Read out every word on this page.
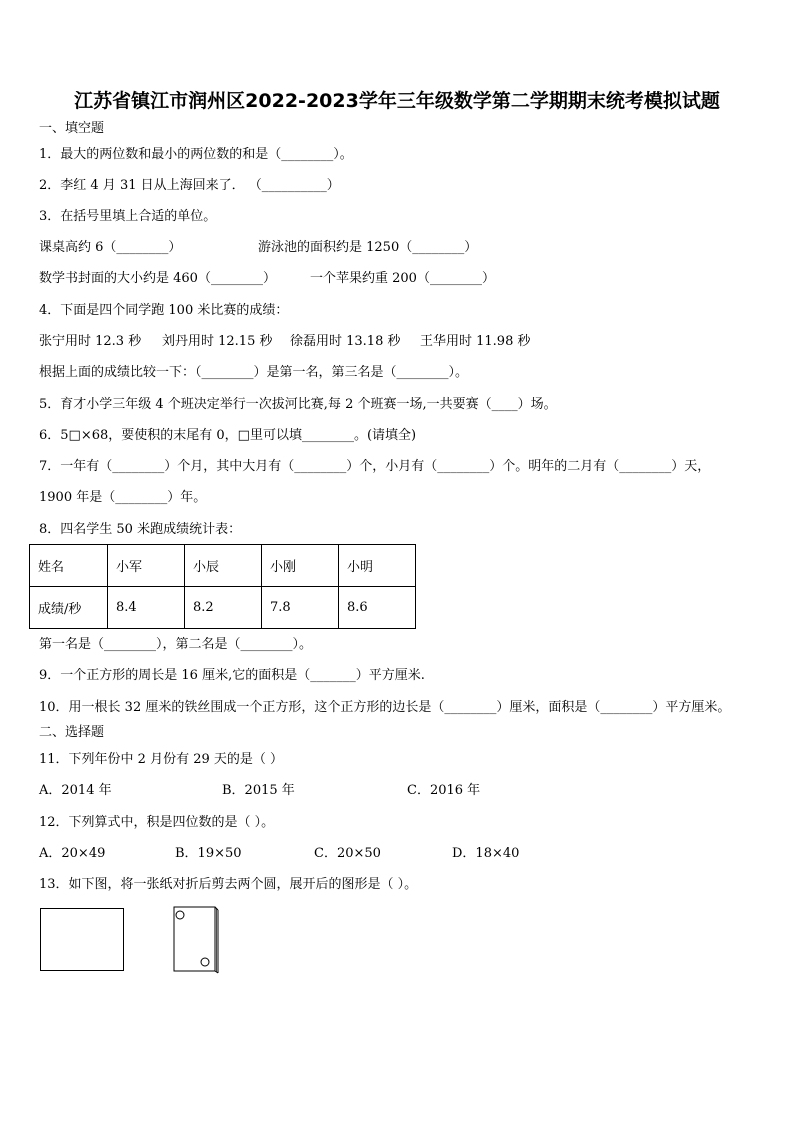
江苏省镇江市润州区2022-2023学年三年级数学第二学期期末统考模拟试题
一、填空题
1．最大的两位数和最小的两位数的和是（________）。
2．李红 4 月 31 日从上海回来了． （__________）
3．在括号里填上合适的单位。
课桌高约 6（________）	游泳池的面积约是 1250（________）
数学书封面的大小约是 460（________）	一个苹果约重 200（________）
4．下面是四个同学跑 100 米比赛的成绩：
张宁用时 12.3 秒 刘丹用时 12.15 秒 徐磊用时 13.18 秒 王华用时 11.98 秒
根据上面的成绩比较一下：（________）是第一名，第三名是（________）。
5．育才小学三年级 4 个班决定举行一次拔河比赛,每 2 个班赛一场,一共要赛（____）场。
6．5□×68，要使积的末尾有 0，□里可以填________。(请填全)
7．一年有（________）个月，其中大月有（________）个，小月有（________）个。明年的二月有（________）天，
1900 年是（________）年。
8．四名学生 50 米跑成绩统计表：
姓名	小军	小辰	小刚	小明
成绩/秒	8.4	8.2	7.8	8.6
第一名是（________），第二名是（________）。
9．一个正方形的周长是 16 厘米,它的面积是（_______）平方厘米.
10．用一根长 32 厘米的铁丝围成一个正方形，这个正方形的边长是（________）厘米，面积是（________）平方厘米。
二、选择题
11．下列年份中 2 月份有 29 天的是（ ）
A．2014 年	B．2015 年	C．2016 年
12．下列算式中，积是四位数的是（ ）。
A．20×49	B．19×50	C．20×50	D．18×40
13．如下图，将一张纸对折后剪去两个圆，展开后的图形是（ ）。
